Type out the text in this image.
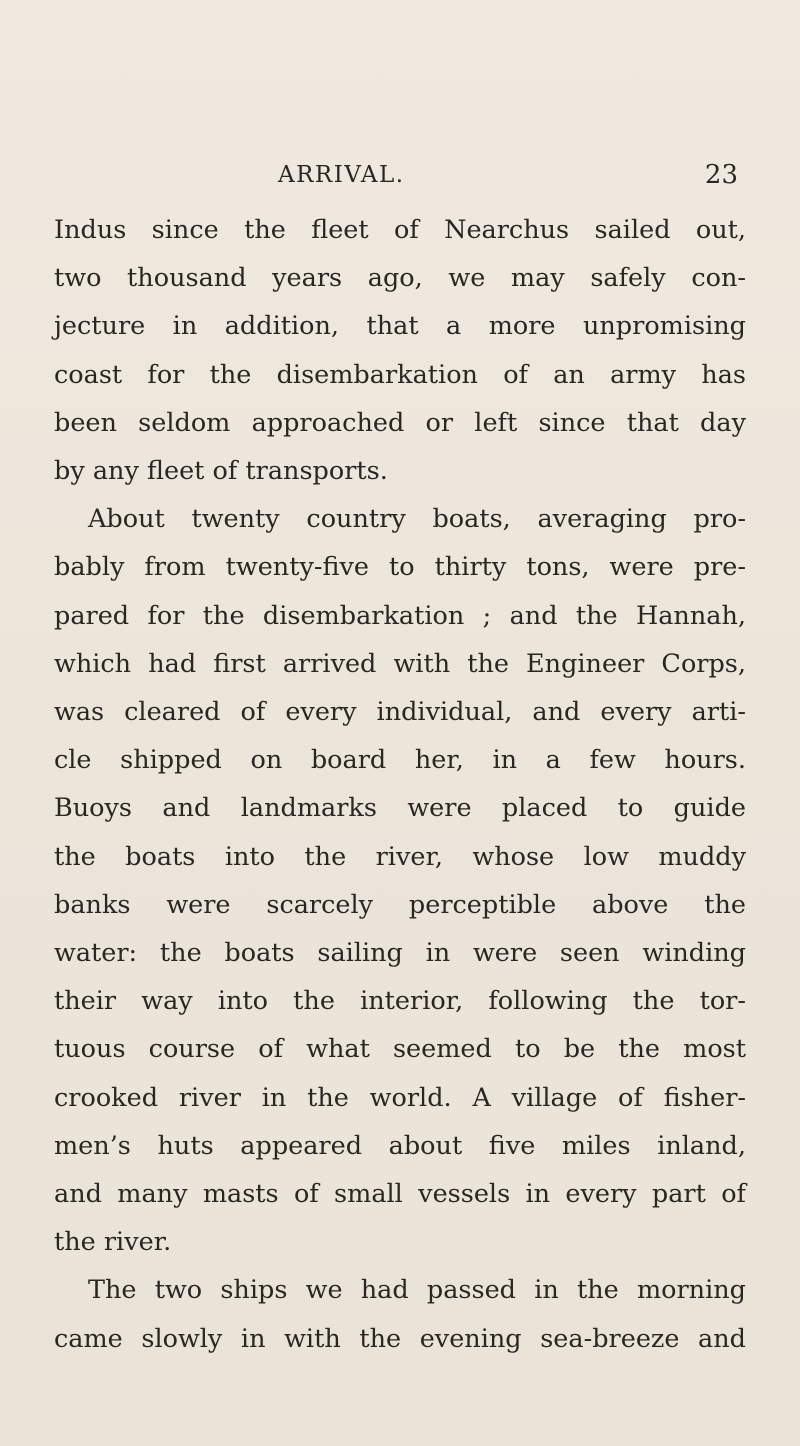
ARRIVAL.	23
Indus since the fleet of Nearchus sailed out,
two thousand years ago, we may safely con-
jecture in addition, that a more unpromising
coast for the disembarkation of an army has
been seldom approached or left since that day
by any fleet of transports.
About twenty country boats, averaging pro-
bably from twenty-five to thirty tons, were pre-
pared for the disembarkation ; and the Hannah,
which had first arrived with the Engineer Corps,
was cleared of every individual, and every arti-
cle shipped on board her, in a few hours.
Buoys and landmarks were placed to guide
the boats into the river, whose low muddy
banks were scarcely perceptible above the
water: the boats sailing in were seen winding
their way into the interior, following the tor-
tuous course of what seemed to be the most
crooked river in the world. A village of fisher-
men’s huts appeared about five miles inland,
and many masts of small vessels in every part of
the river.
The two ships we had passed in the morning
came slowly in with the evening sea-breeze and
